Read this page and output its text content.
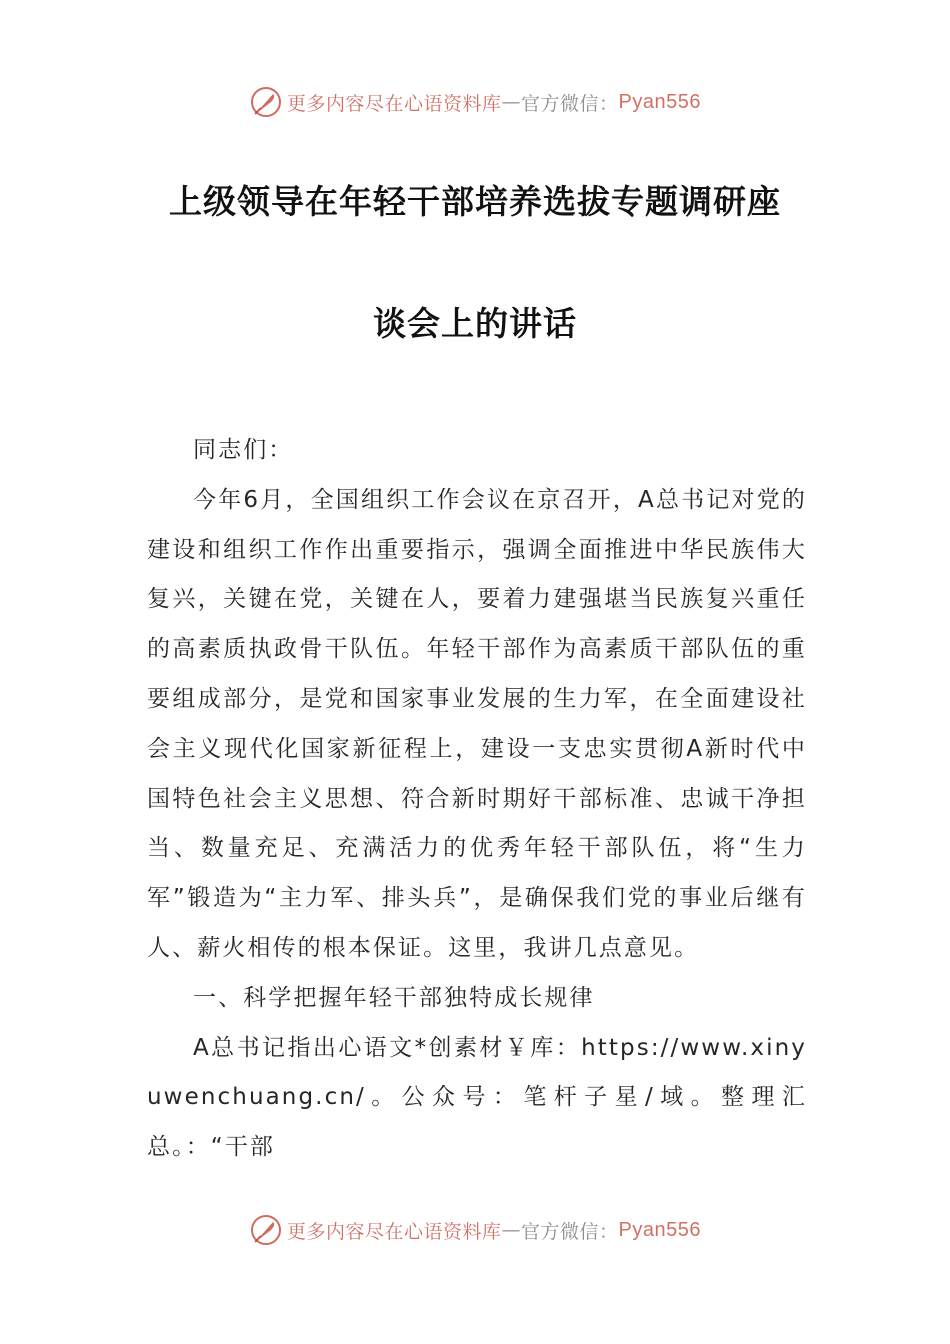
更多内容尽在心语资料库 — 官方微信： Pyan556
上级领导在年轻干部培养选拔专题调研座
谈会上的讲话

同志们：

今年6月，全国组织工作会议在京召开，A总书记对党的建设和组织工作作出重要指示，强调全面推进中华民族伟大复兴，关键在党，关键在人，要着力建强堪当民族复兴重任的高素质执政骨干队伍。年轻干部作为高素质干部队伍的重要组成部分，是党和国家事业发展的生力军，在全面建设社会主义现代化国家新征程上，建设一支忠实贯彻A新时代中国特色社会主义思想、符合新时期好干部标准、忠诚干净担当、数量充足、充满活力的优秀年轻干部队伍，将“生力军”锻造为“主力军、排头兵”，是确保我们党的事业后继有人、薪火相传的根本保证。这里，我讲几点意见。

一、科学把握年轻干部独特成长规律

A总书记指出心语文*创素材￥库：https://www.xinyuwenchuang.cn/。公众号：笔杆子星/域。整理汇总。：“干部

更多内容尽在心语资料库 — 官方微信： Pyan556
